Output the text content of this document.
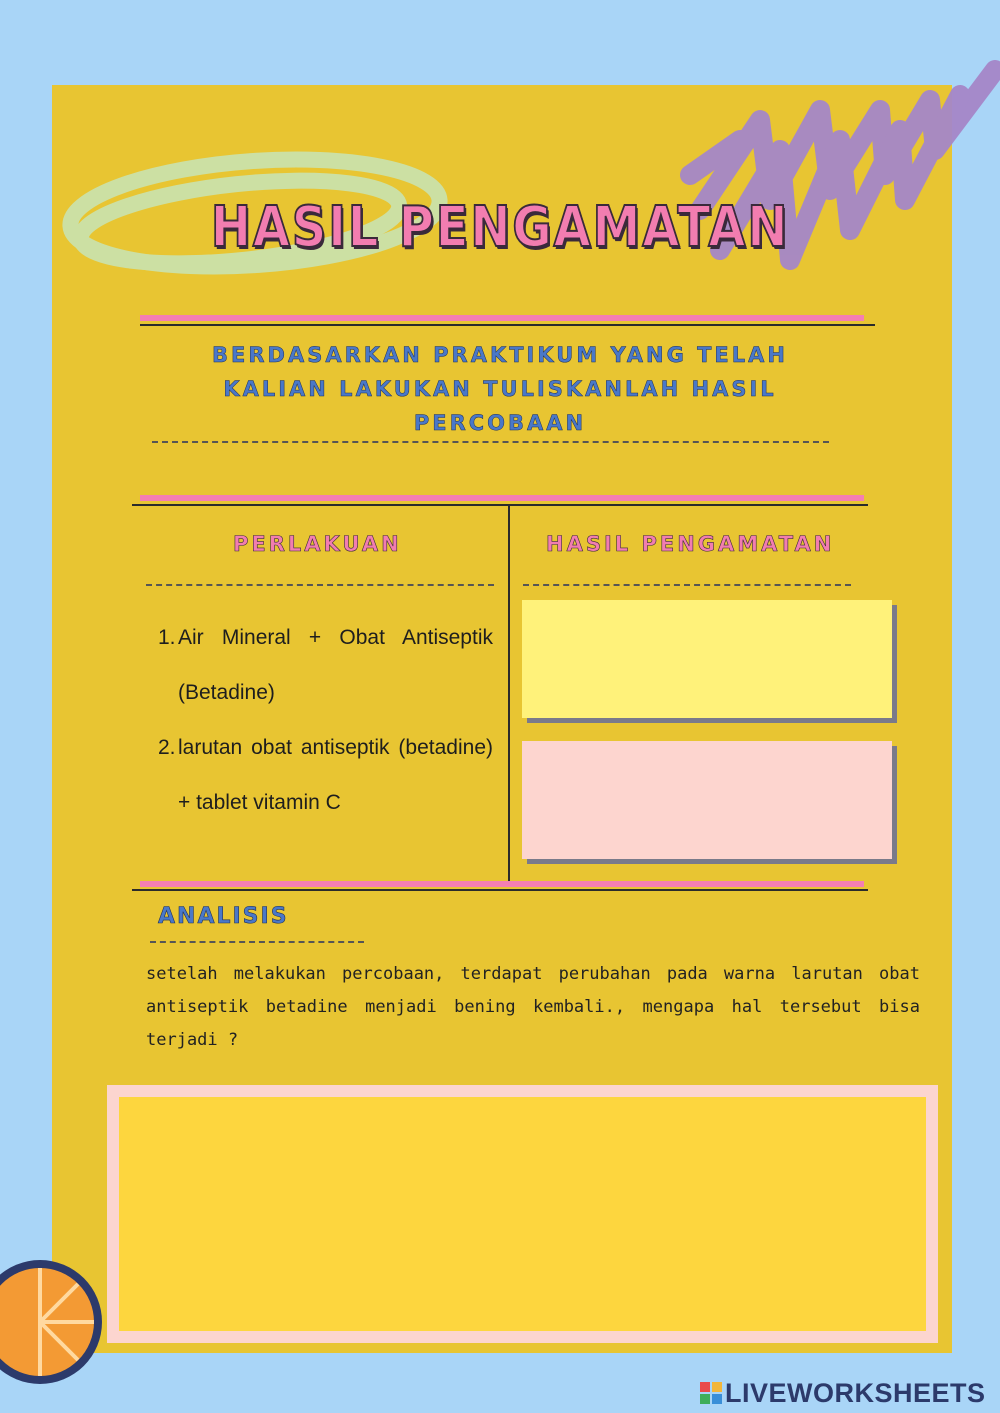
HASIL PENGAMATAN
BERDASARKAN PRAKTIKUM YANG TELAH
KALIAN LAKUKAN TULISKANLAH HASIL
PERCOBAAN
PERLAKUAN	HASIL PENGAMATAN
1. Air Mineral + Obat Antiseptik (Betadine)
2. larutan obat antiseptik (betadine) + tablet vitamin C
ANALISIS
setelah melakukan percobaan, terdapat perubahan pada warna larutan obat antiseptik betadine menjadi bening kembali., mengapa hal tersebut bisa terjadi ?
LIVEWORKSHEETS
